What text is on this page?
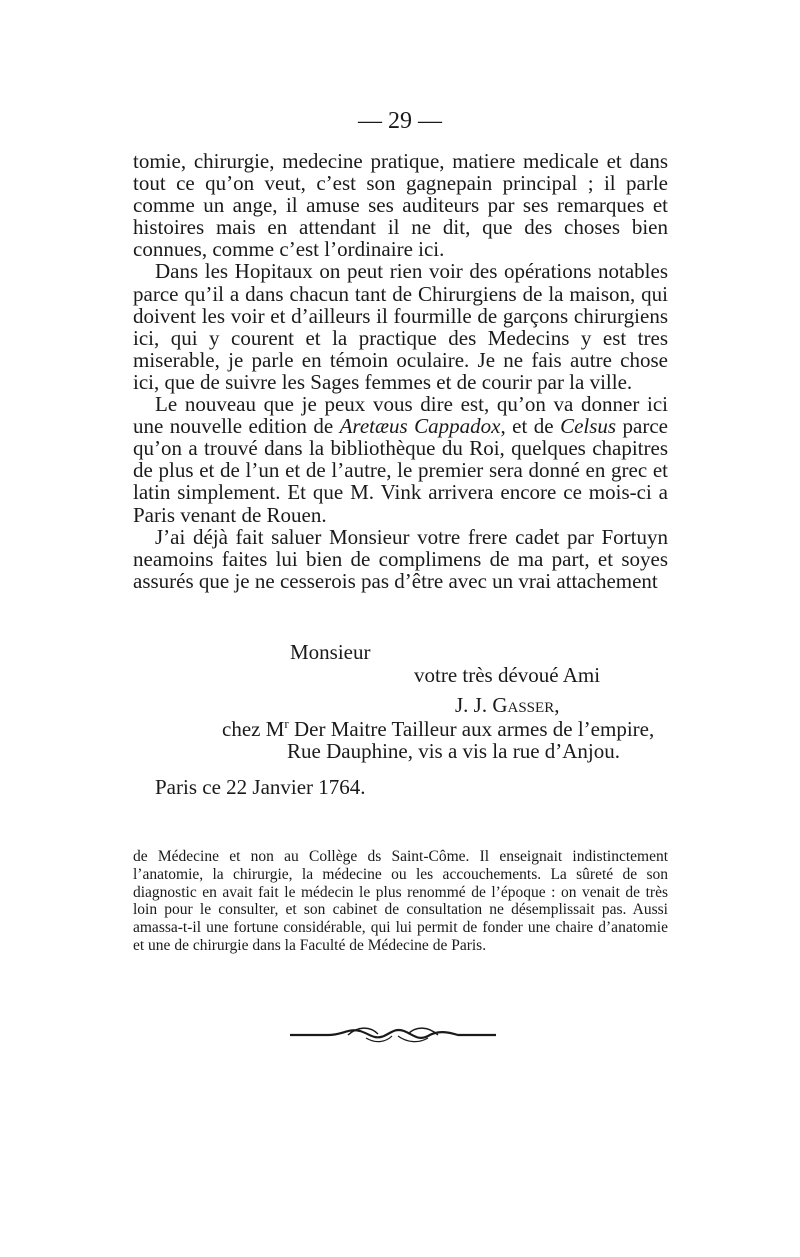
— 29 —

tomie, chirurgie, medecine pratique, matiere medicale et dans tout ce qu’on veut, c’est son gagnepain principal ; il parle comme un ange, il amuse ses auditeurs par ses remarques et histoires mais en attendant il ne dit, que des choses bien connues, comme c’est l’ordinaire ici.

Dans les Hopitaux on peut rien voir des opérations notables parce qu’il a dans chacun tant de Chirurgiens de la maison, qui doivent les voir et d’ailleurs il fourmille de garçons chirurgiens ici, qui y courent et la practique des Medecins y est tres miserable, je parle en témoin oculaire. Je ne fais autre chose ici, que de suivre les Sages femmes et de courir par la ville.

Le nouveau que je peux vous dire est, qu’on va donner ici une nouvelle edition de Aretæus Cappadox, et de Celsus parce qu’on a trouvé dans la bibliothèque du Roi, quelques chapitres de plus et de l’un et de l’autre, le premier sera donné en grec et latin simplement. Et que M. Vink arrivera encore ce mois-ci a Paris venant de Rouen.

J’ai déjà fait saluer Monsieur votre frere cadet par Fortuyn neamoins faites lui bien de complimens de ma part, et soyes assurés que je ne cesserois pas d’être avec un vrai attachement

Monsieur
votre très dévoué Ami
J. J. Gasser,
chez $M^r$ Der Maitre Tailleur aux armes de l’empire,
Rue Dauphine, vis a vis la rue d’Anjou.
Paris ce 22 Janvier 1764.
de Médecine et non au Collège ds Saint-Côme. Il enseignait indistinctement l’anatomie, la chirurgie, la médecine ou les accouchements. La sûreté de son diagnostic en avait fait le médecin le plus renommé de l’époque : on venait de très loin pour le consulter, et son cabinet de consultation ne désemplissait pas. Aussi amassa-t-il une fortune considérable, qui lui permit de fonder une chaire d’anatomie et une de chirurgie dans la Faculté de Médecine de Paris.
